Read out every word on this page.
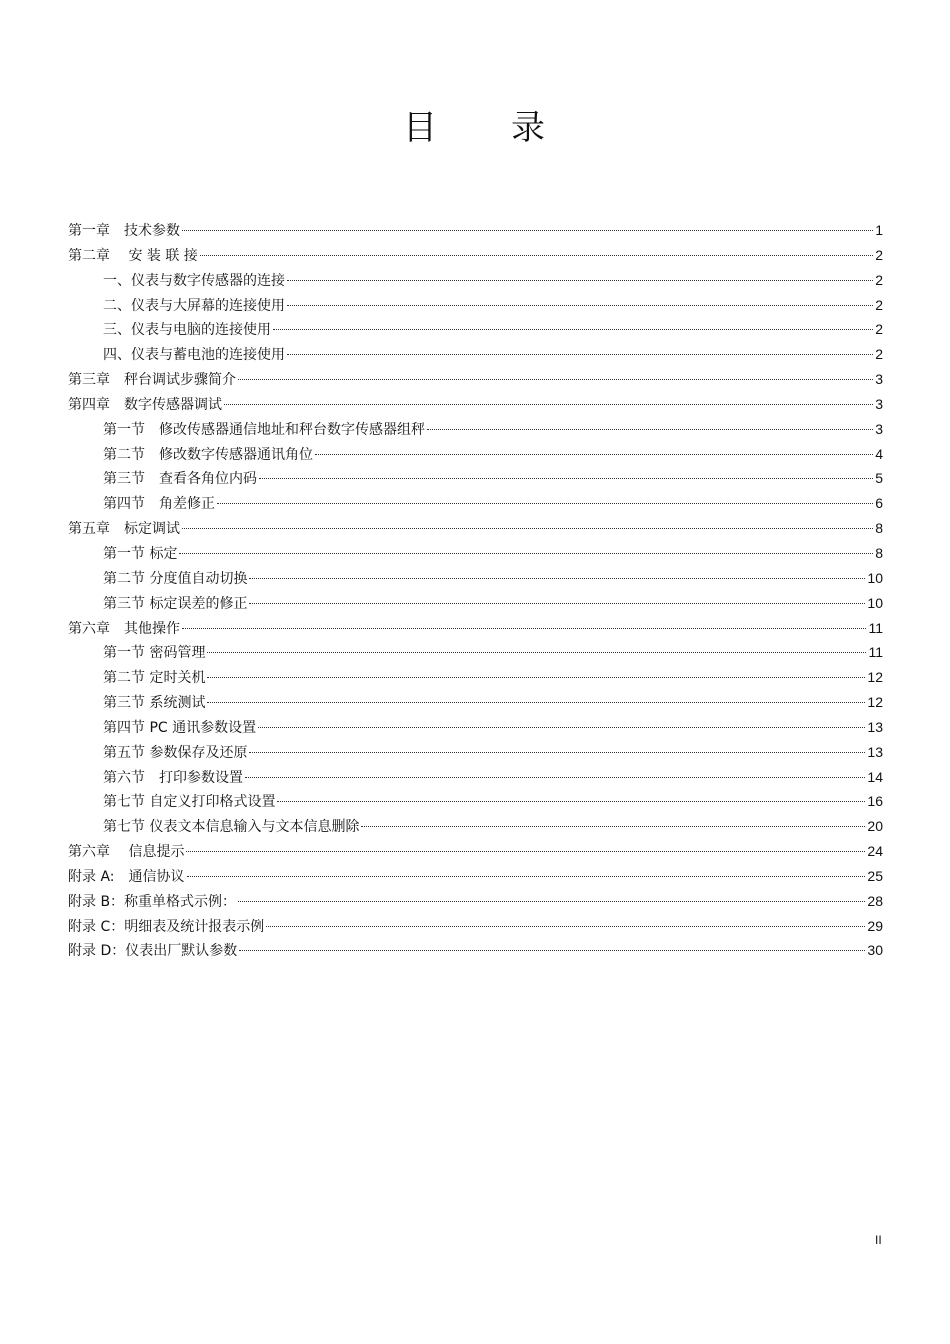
目　　录
第一章　技术参数	1
第二章　 安 装 联 接	2
一、仪表与数字传感器的连接	2
二、仪表与大屏幕的连接使用	2
三、仪表与电脑的连接使用	2
四、仪表与蓄电池的连接使用	2
第三章　秤台调试步骤简介	3
第四章　数字传感器调试	3
第一节　修改传感器通信地址和秤台数字传感器组秤	3
第二节　修改数字传感器通讯角位	4
第三节　查看各角位内码	5
第四节　角差修正	6
第五章　标定调试	8
第一节 标定	8
第二节 分度值自动切换	10
第三节 标定误差的修正	10
第六章　其他操作	11
第一节 密码管理	11
第二节 定时关机	12
第三节 系统测试	12
第四节 PC 通讯参数设置	13
第五节 参数保存及还原	13
第六节　打印参数设置	14
第七节 自定义打印格式设置	16
第七节 仪表文本信息输入与文本信息删除	20
第六章　 信息提示	24
附录 A:　通信协议	25
附录 B：称重单格式示例：	28
附录 C：明细表及统计报表示例	29
附录 D：仪表出厂默认参数	30
II
